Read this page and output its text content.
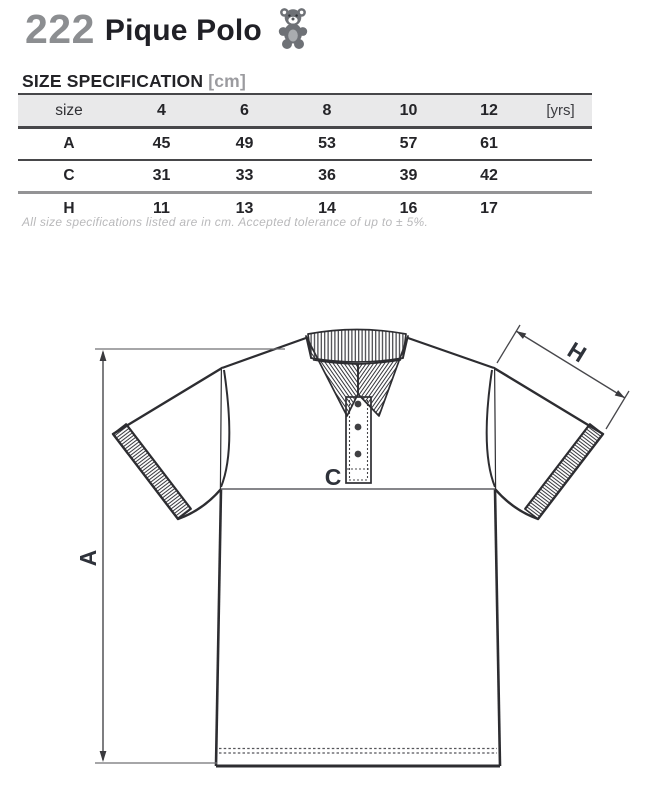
222 Pique Polo
SIZE SPECIFICATION [cm]
size	4	6	8	10	12	[yrs]
A	45	49	53	57	61
C	31	33	36	39	42
H	11	13	14	16	17
All size specifications listed are in cm. Accepted tolerance of up to ± 5%.
A
C
H
